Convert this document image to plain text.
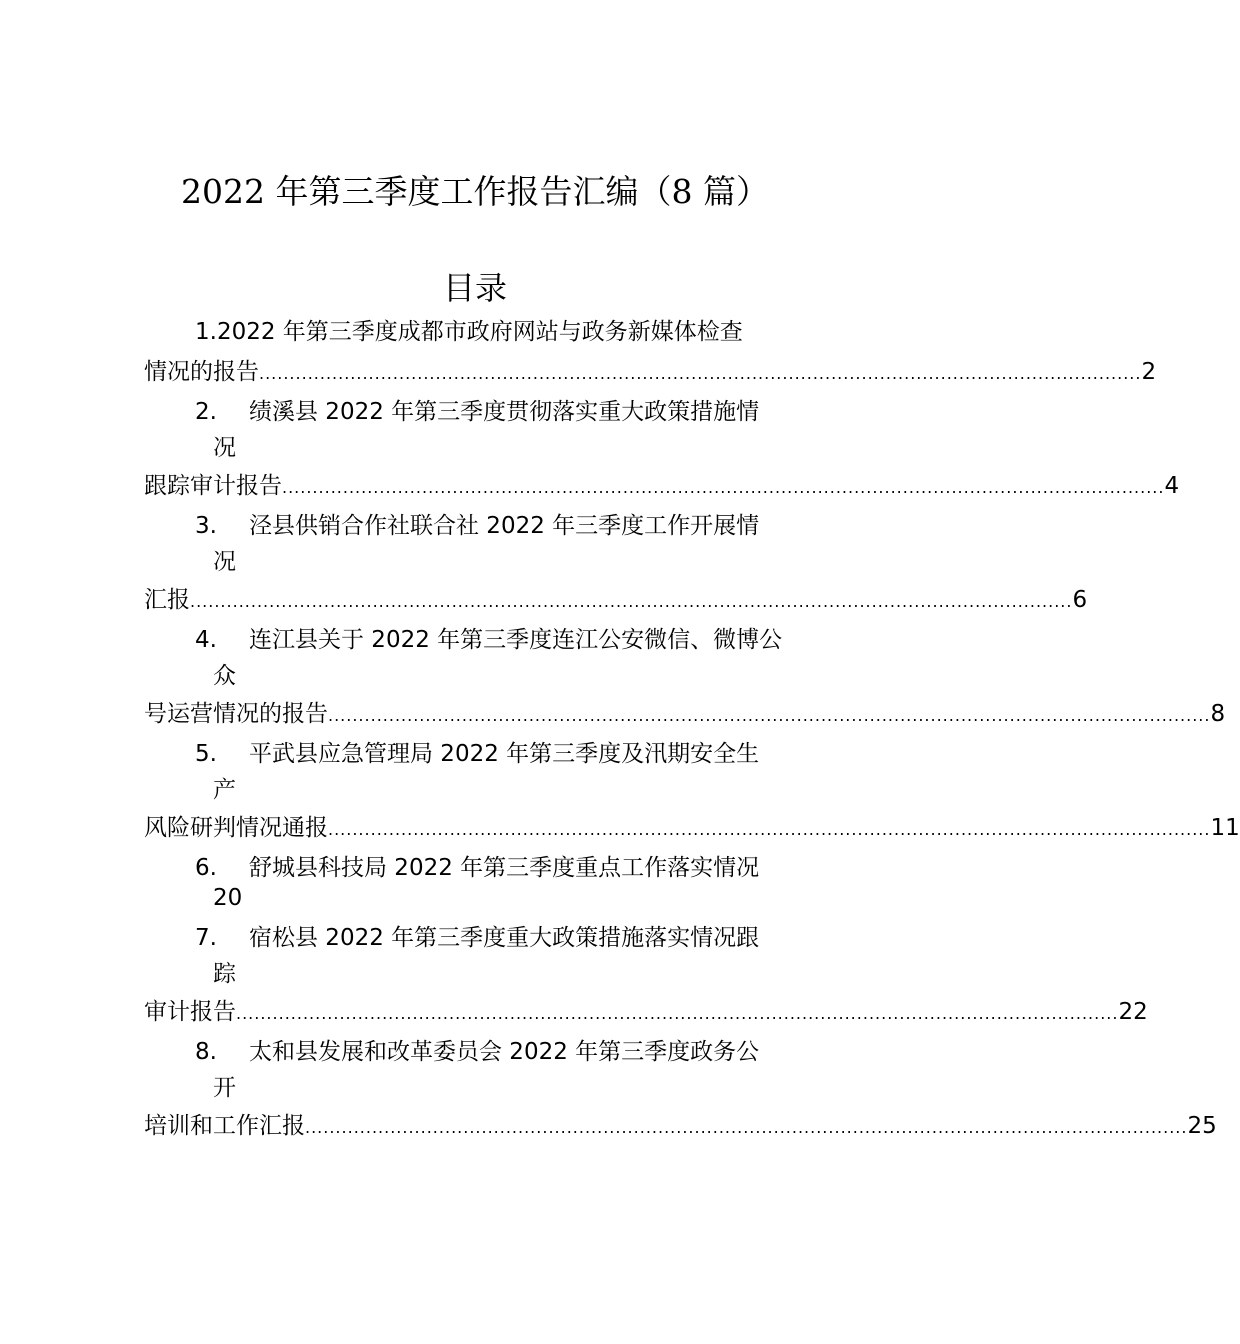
2022 年第三季度工作报告汇编（8 篇）
目录
1.2022 年第三季度成都市政府网站与政务新媒体检查
情况的报告 ................................................................................................................................................. 2
2. 绩溪县 2022 年第三季度贯彻落实重大政策措施情
况
跟踪审计报告 ................................................................................................................................................. 4
3. 泾县供销合作社联合社 2022 年三季度工作开展情
况
汇报 ................................................................................................................................................. 6
4. 连江县关于 2022 年第三季度连江公安微信、微博公
众
号运营情况的报告 ................................................................................................................................................. 8
5. 平武县应急管理局 2022 年第三季度及汛期安全生
产
风险研判情况通报 ................................................................................................................................................. 11
6. 舒城县科技局 2022 年第三季度重点工作落实情况
20
7. 宿松县 2022 年第三季度重大政策措施落实情况跟
踪
审计报告 ................................................................................................................................................. 22
8. 太和县发展和改革委员会 2022 年第三季度政务公
开
培训和工作汇报 ................................................................................................................................................. 25
